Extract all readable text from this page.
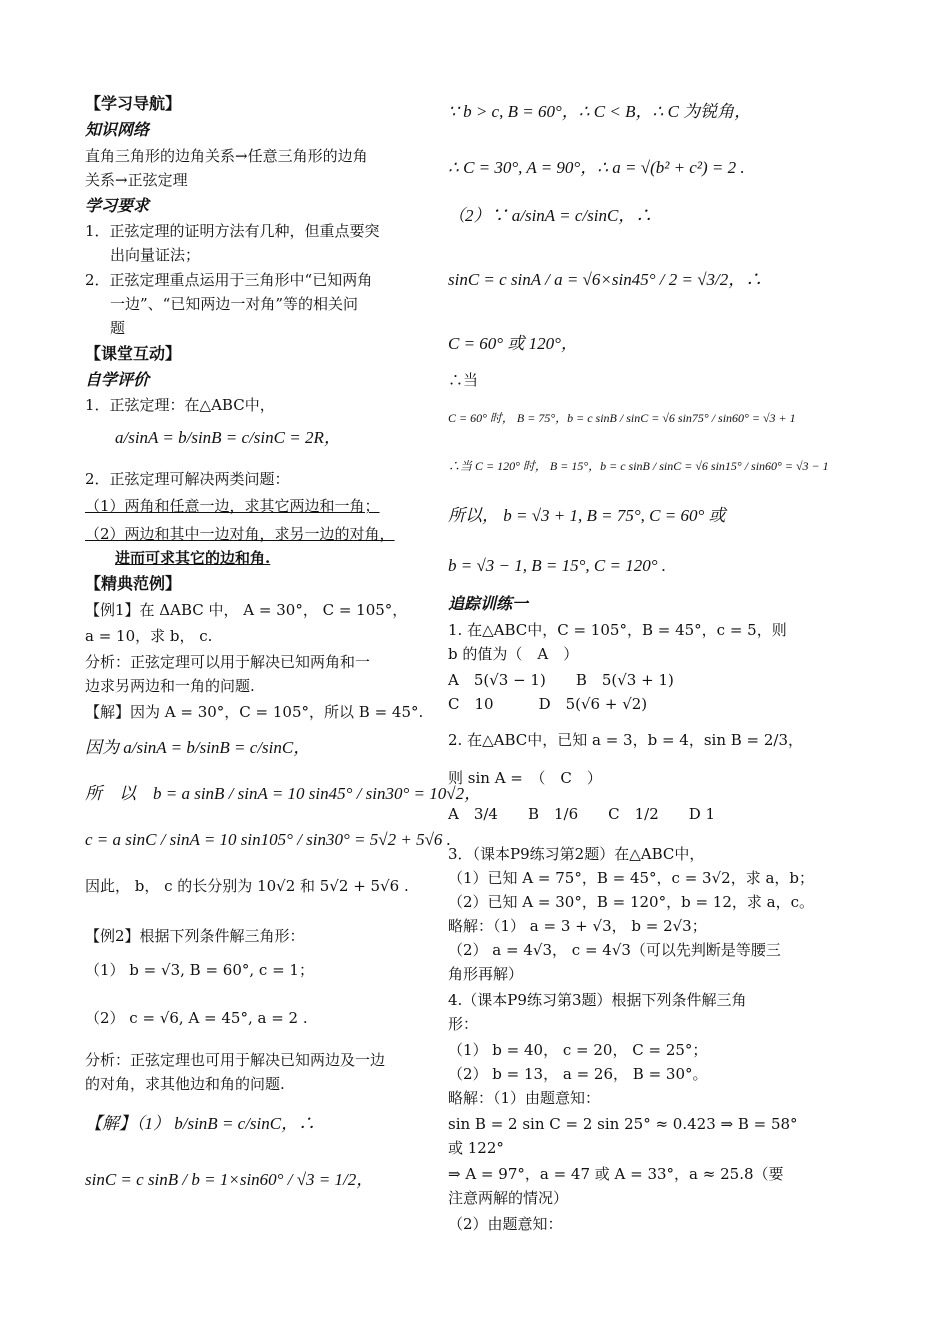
【学习导航】
知识网络
直角三角形的边角关系→任意三角形的边角
关系→正弦定理
学习要求
1．正弦定理的证明方法有几种，但重点要突
出向量证法；
2．正弦定理重点运用于三角形中“已知两角
一边”、“已知两边一对角”等的相关问
题
【课堂互动】
自学评价
1．正弦定理：在△ABC中，
a/sinA = b/sinB = c/sinC = 2R，
2．正弦定理可解决两类问题：
（1）两角和任意一边，求其它两边和一角；
（2）两边和其中一边对角，求另一边的对角，
进而可求其它的边和角.
【精典范例】
【例1】在 ΔABC 中， A = 30°， C = 105°，
a = 10，求 b， c.
分析：正弦定理可以用于解决已知两角和一
边求另两边和一角的问题.
【解】因为 A = 30°，C = 105°，所以 B = 45°.
因为 a/sinA = b/sinB = c/sinC，
所　以　b = a sinB / sinA = 10 sin45° / sin30° = 10√2，
c = a sinC / sinA = 10 sin105° / sin30° = 5√2 + 5√6 .
因此， b， c 的长分别为 10√2 和 5√2 + 5√6 .
【例2】根据下列条件解三角形：
（1） b = √3, B = 60°, c = 1；
（2） c = √6, A = 45°, a = 2 .
分析：正弦定理也可用于解决已知两边及一边
的对角，求其他边和角的问题.
【解】（1） b/sinB = c/sinC，∴
sinC = c sinB / b = 1×sin60° / √3 = 1/2，
∵ b > c, B = 60°，∴ C < B，∴ C 为锐角，
∴ C = 30°, A = 90°，∴ a = √(b² + c²) = 2 .
（2）∵ a/sinA = c/sinC，∴
sinC = c sinA / a = √6×sin45° / 2 = √3/2，∴
C = 60° 或 120°，
∴当
C = 60° 时， B = 75°，b = c sinB / sinC = √6 sin75° / sin60° = √3 + 1
∴当 C = 120° 时， B = 15°，b = c sinB / sinC = √6 sin15° / sin60° = √3 − 1
所以， b = √3 + 1, B = 75°, C = 60° 或
b = √3 − 1, B = 15°, C = 120° .
追踪训练一
1. 在△ABC中，C = 105°，B = 45°，c = 5，则
b 的值为（　A　）
A　5(√3 − 1)　　B　5(√3 + 1)
C　10　　　D　5(√6 + √2)
2. 在△ABC中，已知 a = 3，b = 4，sin B = 2/3，
则 sin A =　（　C　）
A　3/4　　B　1/6　　C　1/2　　D 1
3．（课本P9练习第2题）在△ABC中，
（1）已知 A = 75°，B = 45°，c = 3√2，求 a，b；
（2）已知 A = 30°，B = 120°，b = 12，求 a，c。
略解：（1） a = 3 + √3， b = 2√3；
（2） a = 4√3， c = 4√3（可以先判断是等腰三
角形再解）
4.（课本P9练习第3题）根据下列条件解三角
形：
（1） b = 40， c = 20， C = 25°；
（2） b = 13， a = 26， B = 30°。
略解：（1）由题意知：
sin B = 2 sin C = 2 sin 25° ≈ 0.423 ⇒ B = 58°
或 122°
⇒ A = 97°，a = 47 或 A = 33°，a ≈ 25.8（要
注意两解的情况）
（2）由题意知：
